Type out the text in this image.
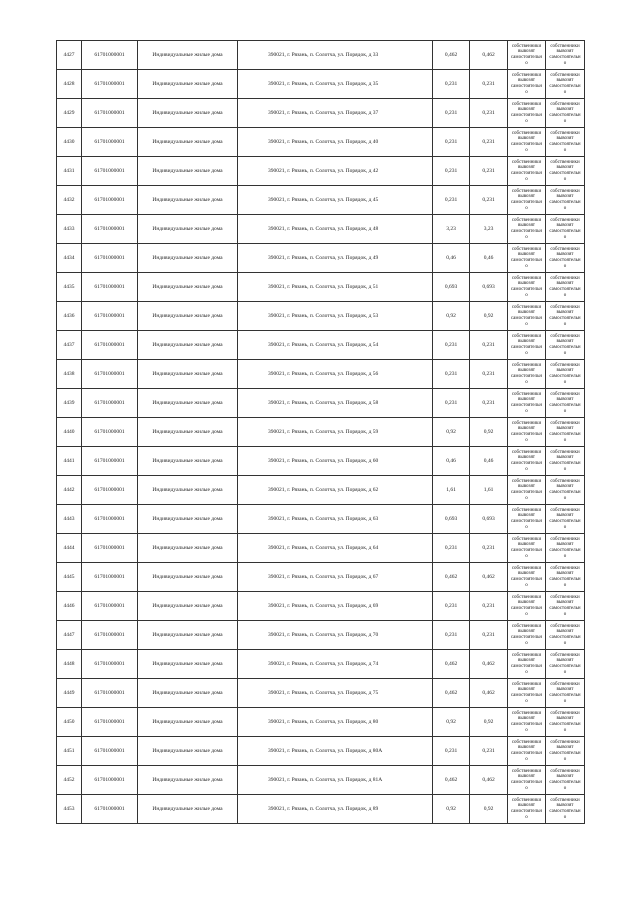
4427	61701000001	Индивидуальные жилые дома	390021, г. Рязань, п. Солотча, ул. Порядок, д 33	0,462	0,462	собственники
вывозят
самостоятельн
о	собственники
вывозят
самостоятельн
о

4428	61701000001	Индивидуальные жилые дома	390021, г. Рязань, п. Солотча, ул. Порядок, д 35	0,231	0,231	собственники
вывозят
самостоятельн
о	собственники
вывозят
самостоятельн
о

4429	61701000001	Индивидуальные жилые дома	390021, г. Рязань, п. Солотча, ул. Порядок, д 37	0,231	0,231	собственники
вывозят
самостоятельн
о	собственники
вывозят
самостоятельн
о

4430	61701000001	Индивидуальные жилые дома	390021, г. Рязань, п. Солотча, ул. Порядок, д 40	0,231	0,231	собственники
вывозят
самостоятельн
о	собственники
вывозят
самостоятельн
о

4431	61701000001	Индивидуальные жилые дома	390021, г. Рязань, п. Солотча, ул. Порядок, д 42	0,231	0,231	собственники
вывозят
самостоятельн
о	собственники
вывозят
самостоятельн
о

4432	61701000001	Индивидуальные жилые дома	390021, г. Рязань, п. Солотча, ул. Порядок, д 45	0,231	0,231	собственники
вывозят
самостоятельн
о	собственники
вывозят
самостоятельн
о

4433	61701000001	Индивидуальные жилые дома	390021, г. Рязань, п. Солотча, ул. Порядок, д 48	3,23	3,23	собственники
вывозят
самостоятельн
о	собственники
вывозят
самостоятельн
о

4434	61701000001	Индивидуальные жилые дома	390021, г. Рязань, п. Солотча, ул. Порядок, д 49	0,46	0,46	собственники
вывозят
самостоятельн
о	собственники
вывозят
самостоятельн
о

4435	61701000001	Индивидуальные жилые дома	390021, г. Рязань, п. Солотча, ул. Порядок, д 51	0,693	0,693	собственники
вывозят
самостоятельн
о	собственники
вывозят
самостоятельн
о

4436	61701000001	Индивидуальные жилые дома	390021, г. Рязань, п. Солотча, ул. Порядок, д 53	0,92	0,92	собственники
вывозят
самостоятельн
о	собственники
вывозят
самостоятельн
о

4437	61701000001	Индивидуальные жилые дома	390021, г. Рязань, п. Солотча, ул. Порядок, д 54	0,231	0,231	собственники
вывозят
самостоятельн
о	собственники
вывозят
самостоятельн
о

4438	61701000001	Индивидуальные жилые дома	390021, г. Рязань, п. Солотча, ул. Порядок, д 56	0,231	0,231	собственники
вывозят
самостоятельн
о	собственники
вывозят
самостоятельн
о

4439	61701000001	Индивидуальные жилые дома	390021, г. Рязань, п. Солотча, ул. Порядок, д 58	0,231	0,231	собственники
вывозят
самостоятельн
о	собственники
вывозят
самостоятельн
о

4440	61701000001	Индивидуальные жилые дома	390021, г. Рязань, п. Солотча, ул. Порядок, д 59	0,92	0,92	собственники
вывозят
самостоятельн
о	собственники
вывозят
самостоятельн
о

4441	61701000001	Индивидуальные жилые дома	390021, г. Рязань, п. Солотча, ул. Порядок, д 60	0,46	0,46	собственники
вывозят
самостоятельн
о	собственники
вывозят
самостоятельн
о

4442	61701000001	Индивидуальные жилые дома	390021, г. Рязань, п. Солотча, ул. Порядок, д 62	1,61	1,61	собственники
вывозят
самостоятельн
о	собственники
вывозят
самостоятельн
о

4443	61701000001	Индивидуальные жилые дома	390021, г. Рязань, п. Солотча, ул. Порядок, д 63	0,693	0,693	собственники
вывозят
самостоятельн
о	собственники
вывозят
самостоятельн
о

4444	61701000001	Индивидуальные жилые дома	390021, г. Рязань, п. Солотча, ул. Порядок, д 64	0,231	0,231	собственники
вывозят
самостоятельн
о	собственники
вывозят
самостоятельн
о

4445	61701000001	Индивидуальные жилые дома	390021, г. Рязань, п. Солотча, ул. Порядок, д 67	0,462	0,462	собственники
вывозят
самостоятельн
о	собственники
вывозят
самостоятельн
о

4446	61701000001	Индивидуальные жилые дома	390021, г. Рязань, п. Солотча, ул. Порядок, д 69	0,231	0,231	собственники
вывозят
самостоятельн
о	собственники
вывозят
самостоятельн
о

4447	61701000001	Индивидуальные жилые дома	390021, г. Рязань, п. Солотча, ул. Порядок, д 70	0,231	0,231	собственники
вывозят
самостоятельн
о	собственники
вывозят
самостоятельн
о

4448	61701000001	Индивидуальные жилые дома	390021, г. Рязань, п. Солотча, ул. Порядок, д 74	0,462	0,462	собственники
вывозят
самостоятельн
о	собственники
вывозят
самостоятельн
о

4449	61701000001	Индивидуальные жилые дома	390021, г. Рязань, п. Солотча, ул. Порядок, д 75	0,462	0,462	собственники
вывозят
самостоятельн
о	собственники
вывозят
самостоятельн
о

4450	61701000001	Индивидуальные жилые дома	390021, г. Рязань, п. Солотча, ул. Порядок, д 80	0,92	0,92	собственники
вывозят
самостоятельн
о	собственники
вывозят
самостоятельн
о

4451	61701000001	Индивидуальные жилые дома	390021, г. Рязань, п. Солотча, ул. Порядок, д 80А	0,231	0,231	собственники
вывозят
самостоятельн
о	собственники
вывозят
самостоятельн
о

4452	61701000001	Индивидуальные жилые дома	390021, г. Рязань, п. Солотча, ул. Порядок, д 81А	0,462	0,462	собственники
вывозят
самостоятельн
о	собственники
вывозят
самостоятельн
о

4453	61701000001	Индивидуальные жилые дома	390021, г. Рязань, п. Солотча, ул. Порядок, д 89	0,92	0,92	собственники
вывозят
самостоятельн
о	собственники
вывозят
самостоятельн
о
